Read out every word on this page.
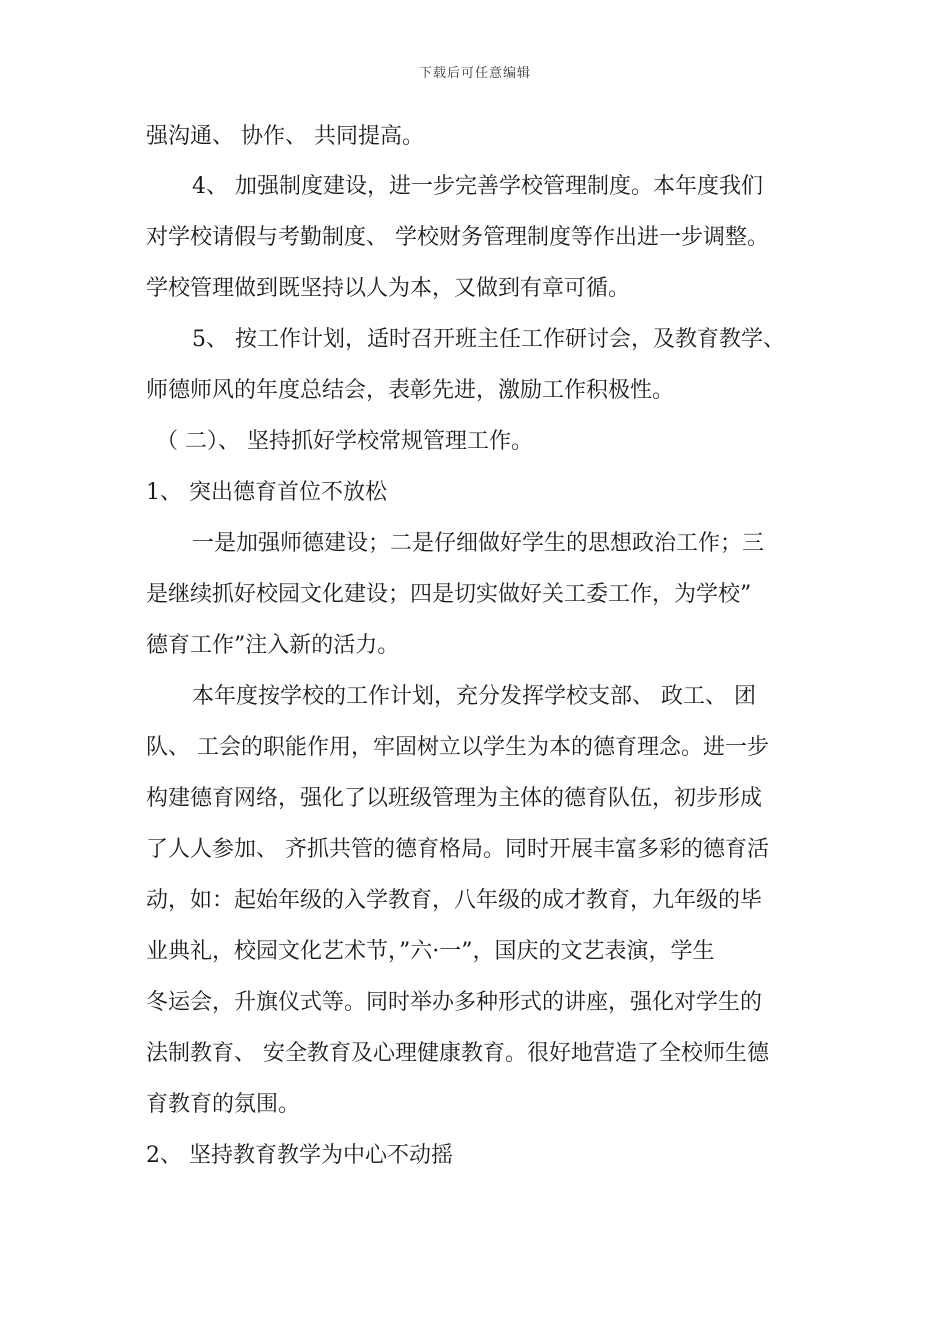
下载后可任意编辑
强沟通、 协作、 共同提高。
4、 加强制度建设，进一步完善学校管理制度。本年度我们
对学校请假与考勤制度、 学校财务管理制度等作出进一步调整。
学校管理做到既坚持以人为本，又做到有章可循。
5、 按工作计划，适时召开班主任工作研讨会，及教育教学、
师德师风的年度总结会，表彰先进，激励工作积极性。
（ 二）、 坚持抓好学校常规管理工作。
1、 突出德育首位不放松
一是加强师德建设；二是仔细做好学生的思想政治工作；三
是继续抓好校园文化建设；四是切实做好关工委工作，为学校”
德育工作”注入新的活力。
本年度按学校的工作计划，充分发挥学校支部、 政工、 团
队、 工会的职能作用，牢固树立以学生为本的德育理念。进一步
构建德育网络，强化了以班级管理为主体的德育队伍，初步形成
了人人参加、 齐抓共管的德育格局。同时开展丰富多彩的德育活
动，如：起始年级的入学教育，八年级的成才教育，九年级的毕
业典礼，校园文化艺术节，”六·一”，国庆的文艺表演，学生
冬运会，升旗仪式等。同时举办多种形式的讲座，强化对学生的
法制教育、 安全教育及心理健康教育。很好地营造了全校师生德
育教育的氛围。
2、 坚持教育教学为中心不动摇
